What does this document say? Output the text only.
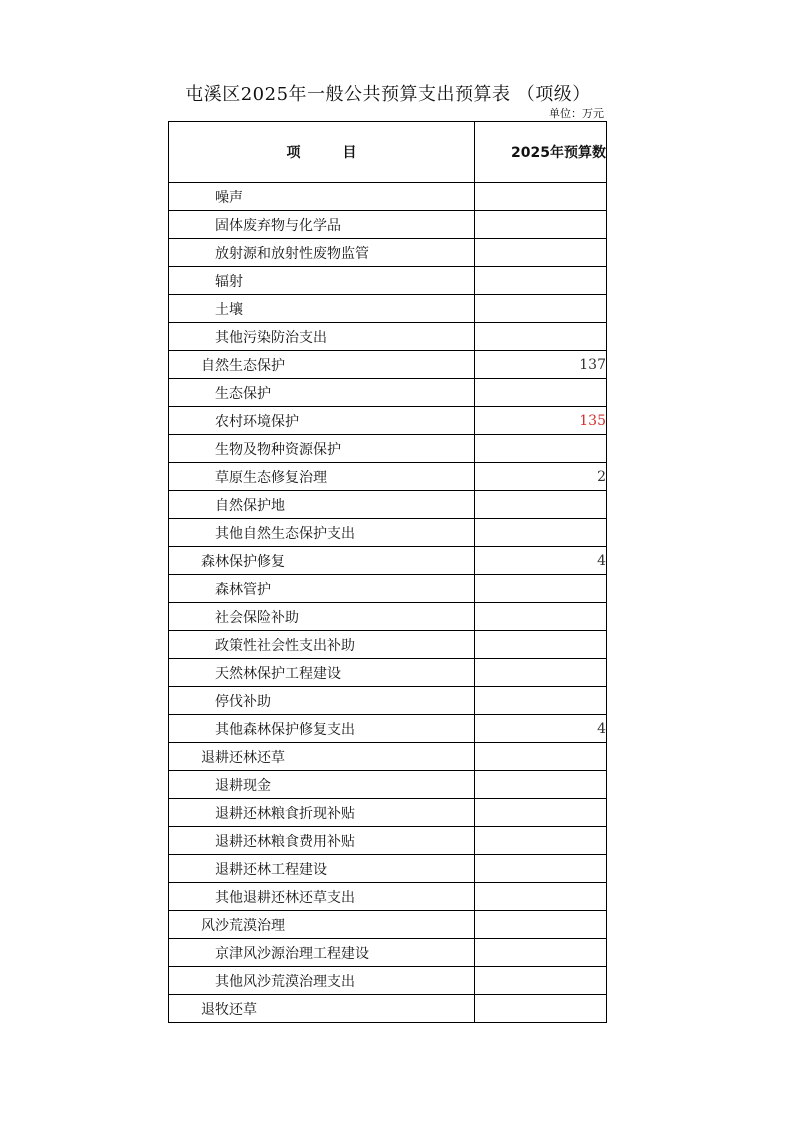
屯溪区2025年一般公共预算支出预算表 （项级）
单位：万元
项　　　目	2025年预算数
噪声	
固体废弃物与化学品	
放射源和放射性废物监管	
辐射	
土壤	
其他污染防治支出	
自然生态保护	137
生态保护	
农村环境保护	135
生物及物种资源保护	
草原生态修复治理	2
自然保护地	
其他自然生态保护支出	
森林保护修复	4
森林管护	
社会保险补助	
政策性社会性支出补助	
天然林保护工程建设	
停伐补助	
其他森林保护修复支出	4
退耕还林还草	
退耕现金	
退耕还林粮食折现补贴	
退耕还林粮食费用补贴	
退耕还林工程建设	
其他退耕还林还草支出	
风沙荒漠治理	
京津风沙源治理工程建设	
其他风沙荒漠治理支出	
退牧还草	
